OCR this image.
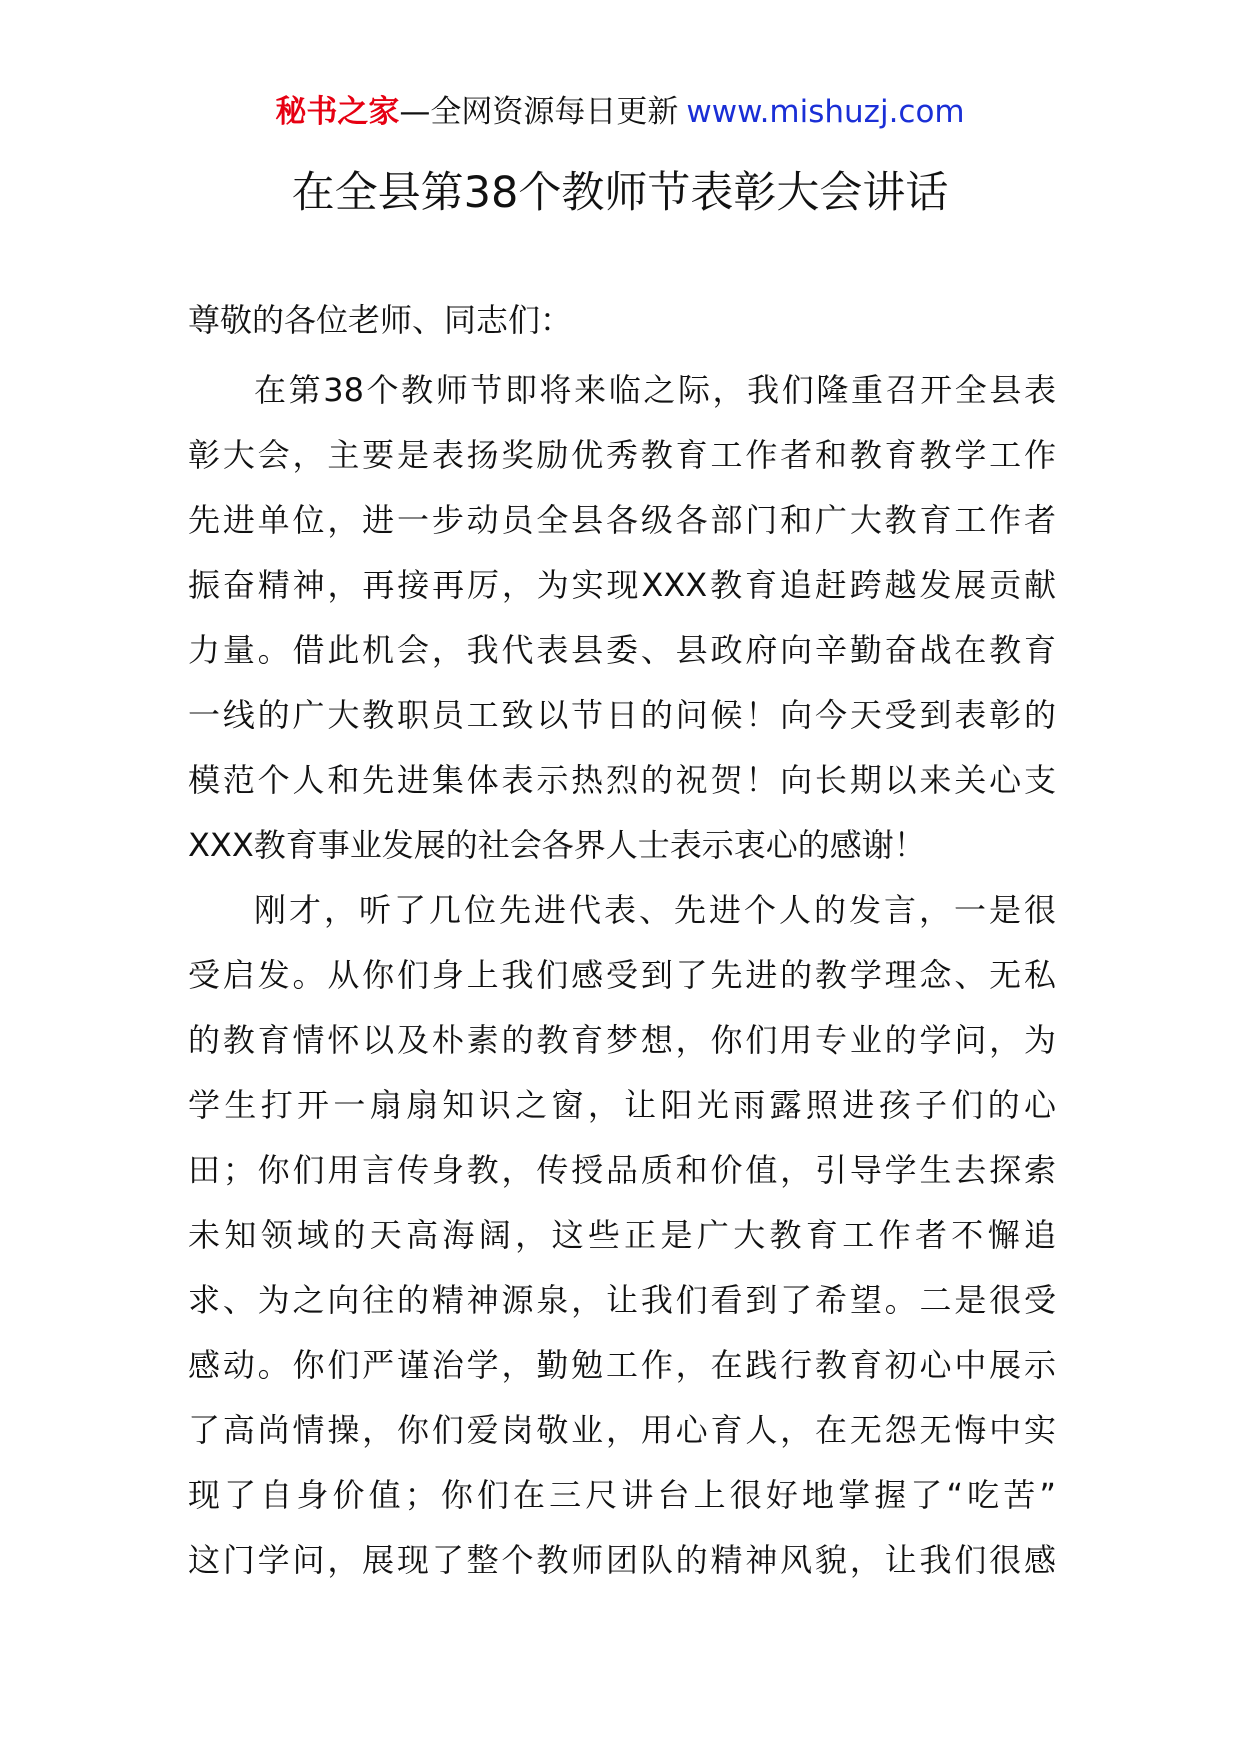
秘书之家—全网资源每日更新 www.mishuzj.com
在全县第38个教师节表彰大会讲话

尊敬的各位老师、同志们：

在第38个教师节即将来临之际，我们隆重召开全县表
彰大会，主要是表扬奖励优秀教育工作者和教育教学工作
先进单位，进一步动员全县各级各部门和广大教育工作者
振奋精神，再接再厉，为实现XXX教育追赶跨越发展贡献
力量。借此机会，我代表县委、县政府向辛勤奋战在教育
一线的广大教职员工致以节日的问候！向今天受到表彰的
模范个人和先进集体表示热烈的祝贺！向长期以来关心支
XXX教育事业发展的社会各界人士表示衷心的感谢！

刚才，听了几位先进代表、先进个人的发言，一是很
受启发。从你们身上我们感受到了先进的教学理念、无私
的教育情怀以及朴素的教育梦想，你们用专业的学问，为
学生打开一扇扇知识之窗，让阳光雨露照进孩子们的心
田；你们用言传身教，传授品质和价值，引导学生去探索
未知领域的天高海阔，这些正是广大教育工作者不懈追
求、为之向往的精神源泉，让我们看到了希望。二是很受
感动。你们严谨治学，勤勉工作，在践行教育初心中展示
了高尚情操，你们爱岗敬业，用心育人，在无怨无悔中实
现了自身价值；你们在三尺讲台上很好地掌握了“吃苦”
这门学问，展现了整个教师团队的精神风貌，让我们很感
